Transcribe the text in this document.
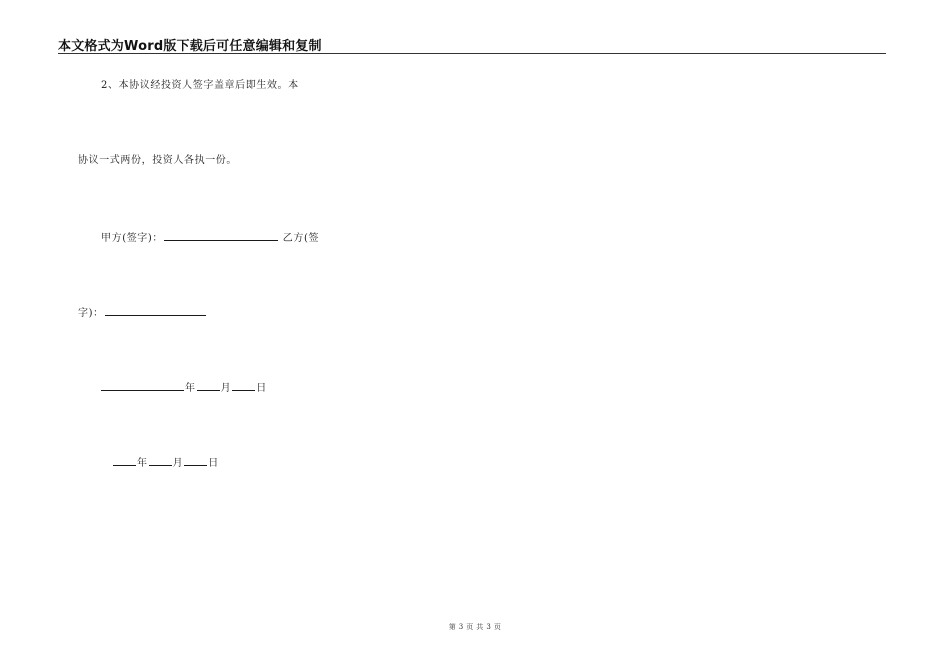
本文格式为Word版下载后可任意编辑和复制
2、本协议经投资人签字盖章后即生效。本
协议一式两份，投资人各执一份。
甲方(签字)：	乙方(签
字)：
年	月	日
年	月	日
第 3 页 共 3 页
